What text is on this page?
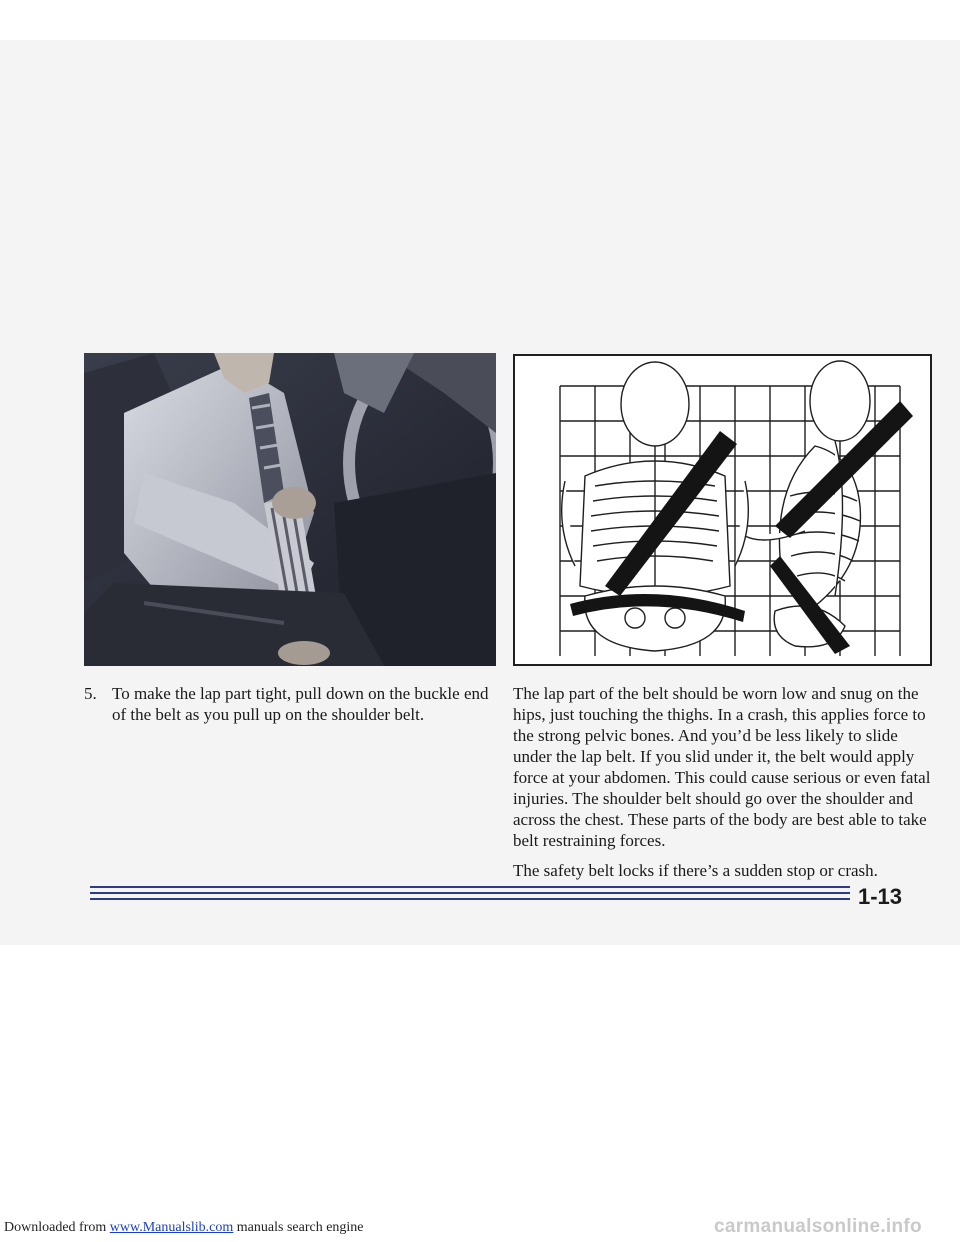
5. To make the lap part tight, pull down on the buckle end of the belt as you pull up on the shoulder belt.

The lap part of the belt should be worn low and snug on the hips, just touching the thighs. In a crash, this applies force to the strong pelvic bones. And you’d be less likely to slide under the lap belt. If you slid under it, the belt would apply force at your abdomen. This could cause serious or even fatal injuries. The shoulder belt should go over the shoulder and across the chest. These parts of the body are best able to take belt restraining forces.

The safety belt locks if there’s a sudden stop or crash.

1-13
Downloaded from www.Manualslib.com manuals search engine	carmanualsonline.info
